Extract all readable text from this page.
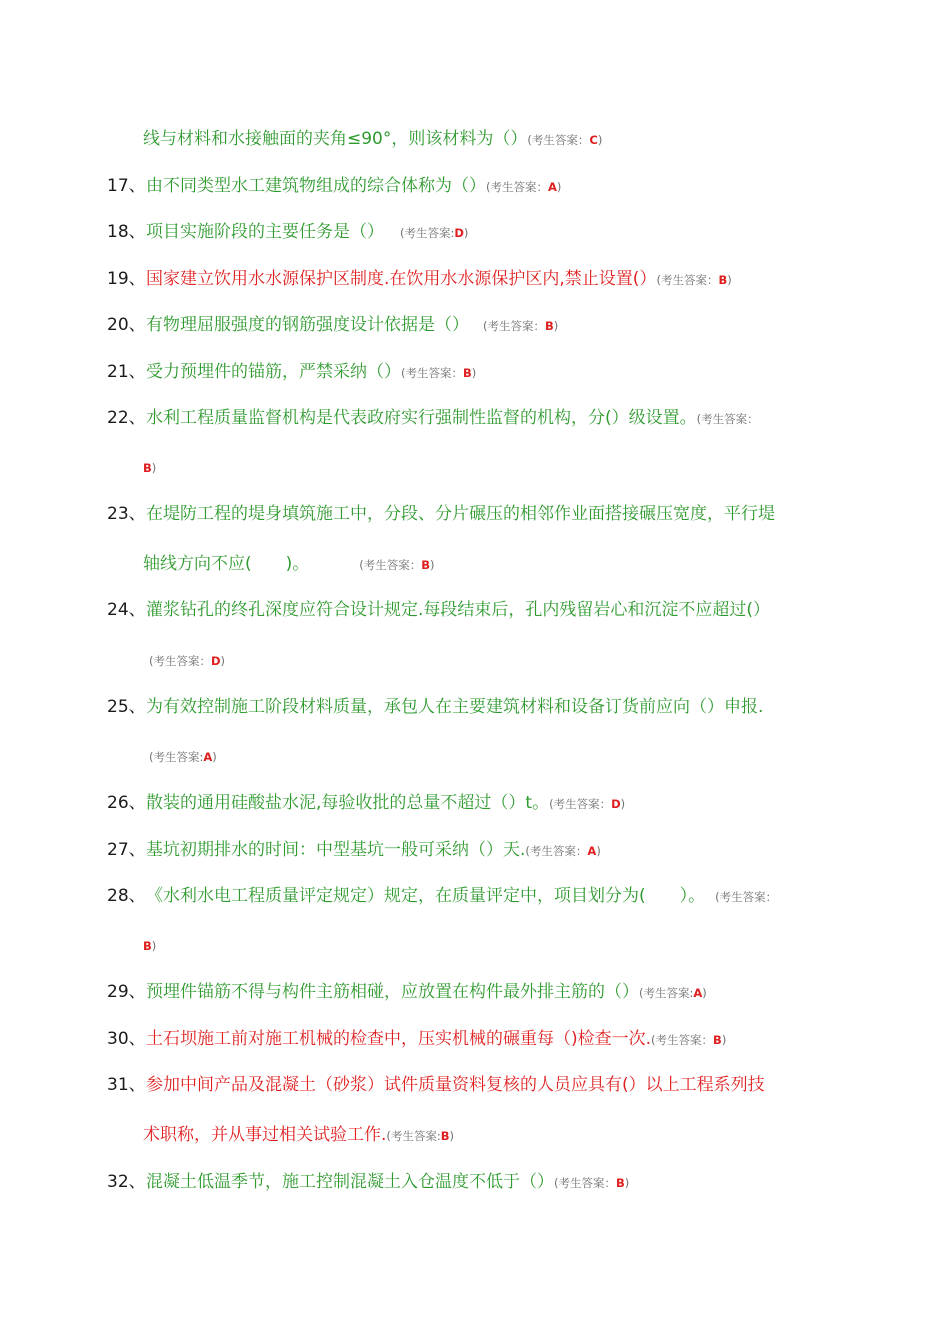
线与材料和水接触面的夹角≤90°，则该材料为（）(考生答案：C)
17、由不同类型水工建筑物组成的综合体称为（）(考生答案：A)
18、项目实施阶段的主要任务是（） (考生答案:D)
19、国家建立饮用水水源保护区制度.在饮用水水源保护区内,禁止设置(）(考生答案：B)
20、有物理屈服强度的钢筋强度设计依据是（） (考生答案：B)
21、受力预埋件的锚筋，严禁采纳（）(考生答案：B)
22、水利工程质量监督机构是代表政府实行强制性监督的机构，分(）级设置。(考生答案：
B)
23、在堤防工程的堤身填筑施工中，分段、分片碾压的相邻作业面搭接碾压宽度，平行堤
轴线方向不应(　　)。	(考生答案：B)
24、灌浆钻孔的终孔深度应符合设计规定.每段结束后，孔内残留岩心和沉淀不应超过(）
(考生答案：D)
25、为有效控制施工阶段材料质量，承包人在主要建筑材料和设备订货前应向（）申报.
(考生答案:A)
26、散装的通用硅酸盐水泥,每验收批的总量不超过（）t。(考生答案：D)
27、基坑初期排水的时间：中型基坑一般可采纳（）天.(考生答案：A)
28、《水利水电工程质量评定规定）规定，在质量评定中，项目划分为(　　）。 (考生答案：
B)
29、预埋件锚筋不得与构件主筋相碰，应放置在构件最外排主筋的（）(考生答案:A)
30、土石坝施工前对施工机械的检查中，压实机械的碾重每（)检查一次.(考生答案：B)
31、参加中间产品及混凝土（砂浆）试件质量资料复核的人员应具有(）以上工程系列技
术职称，并从事过相关试验工作.(考生答案:B)
32、混凝土低温季节，施工控制混凝土入仓温度不低于（）(考生答案：B)
